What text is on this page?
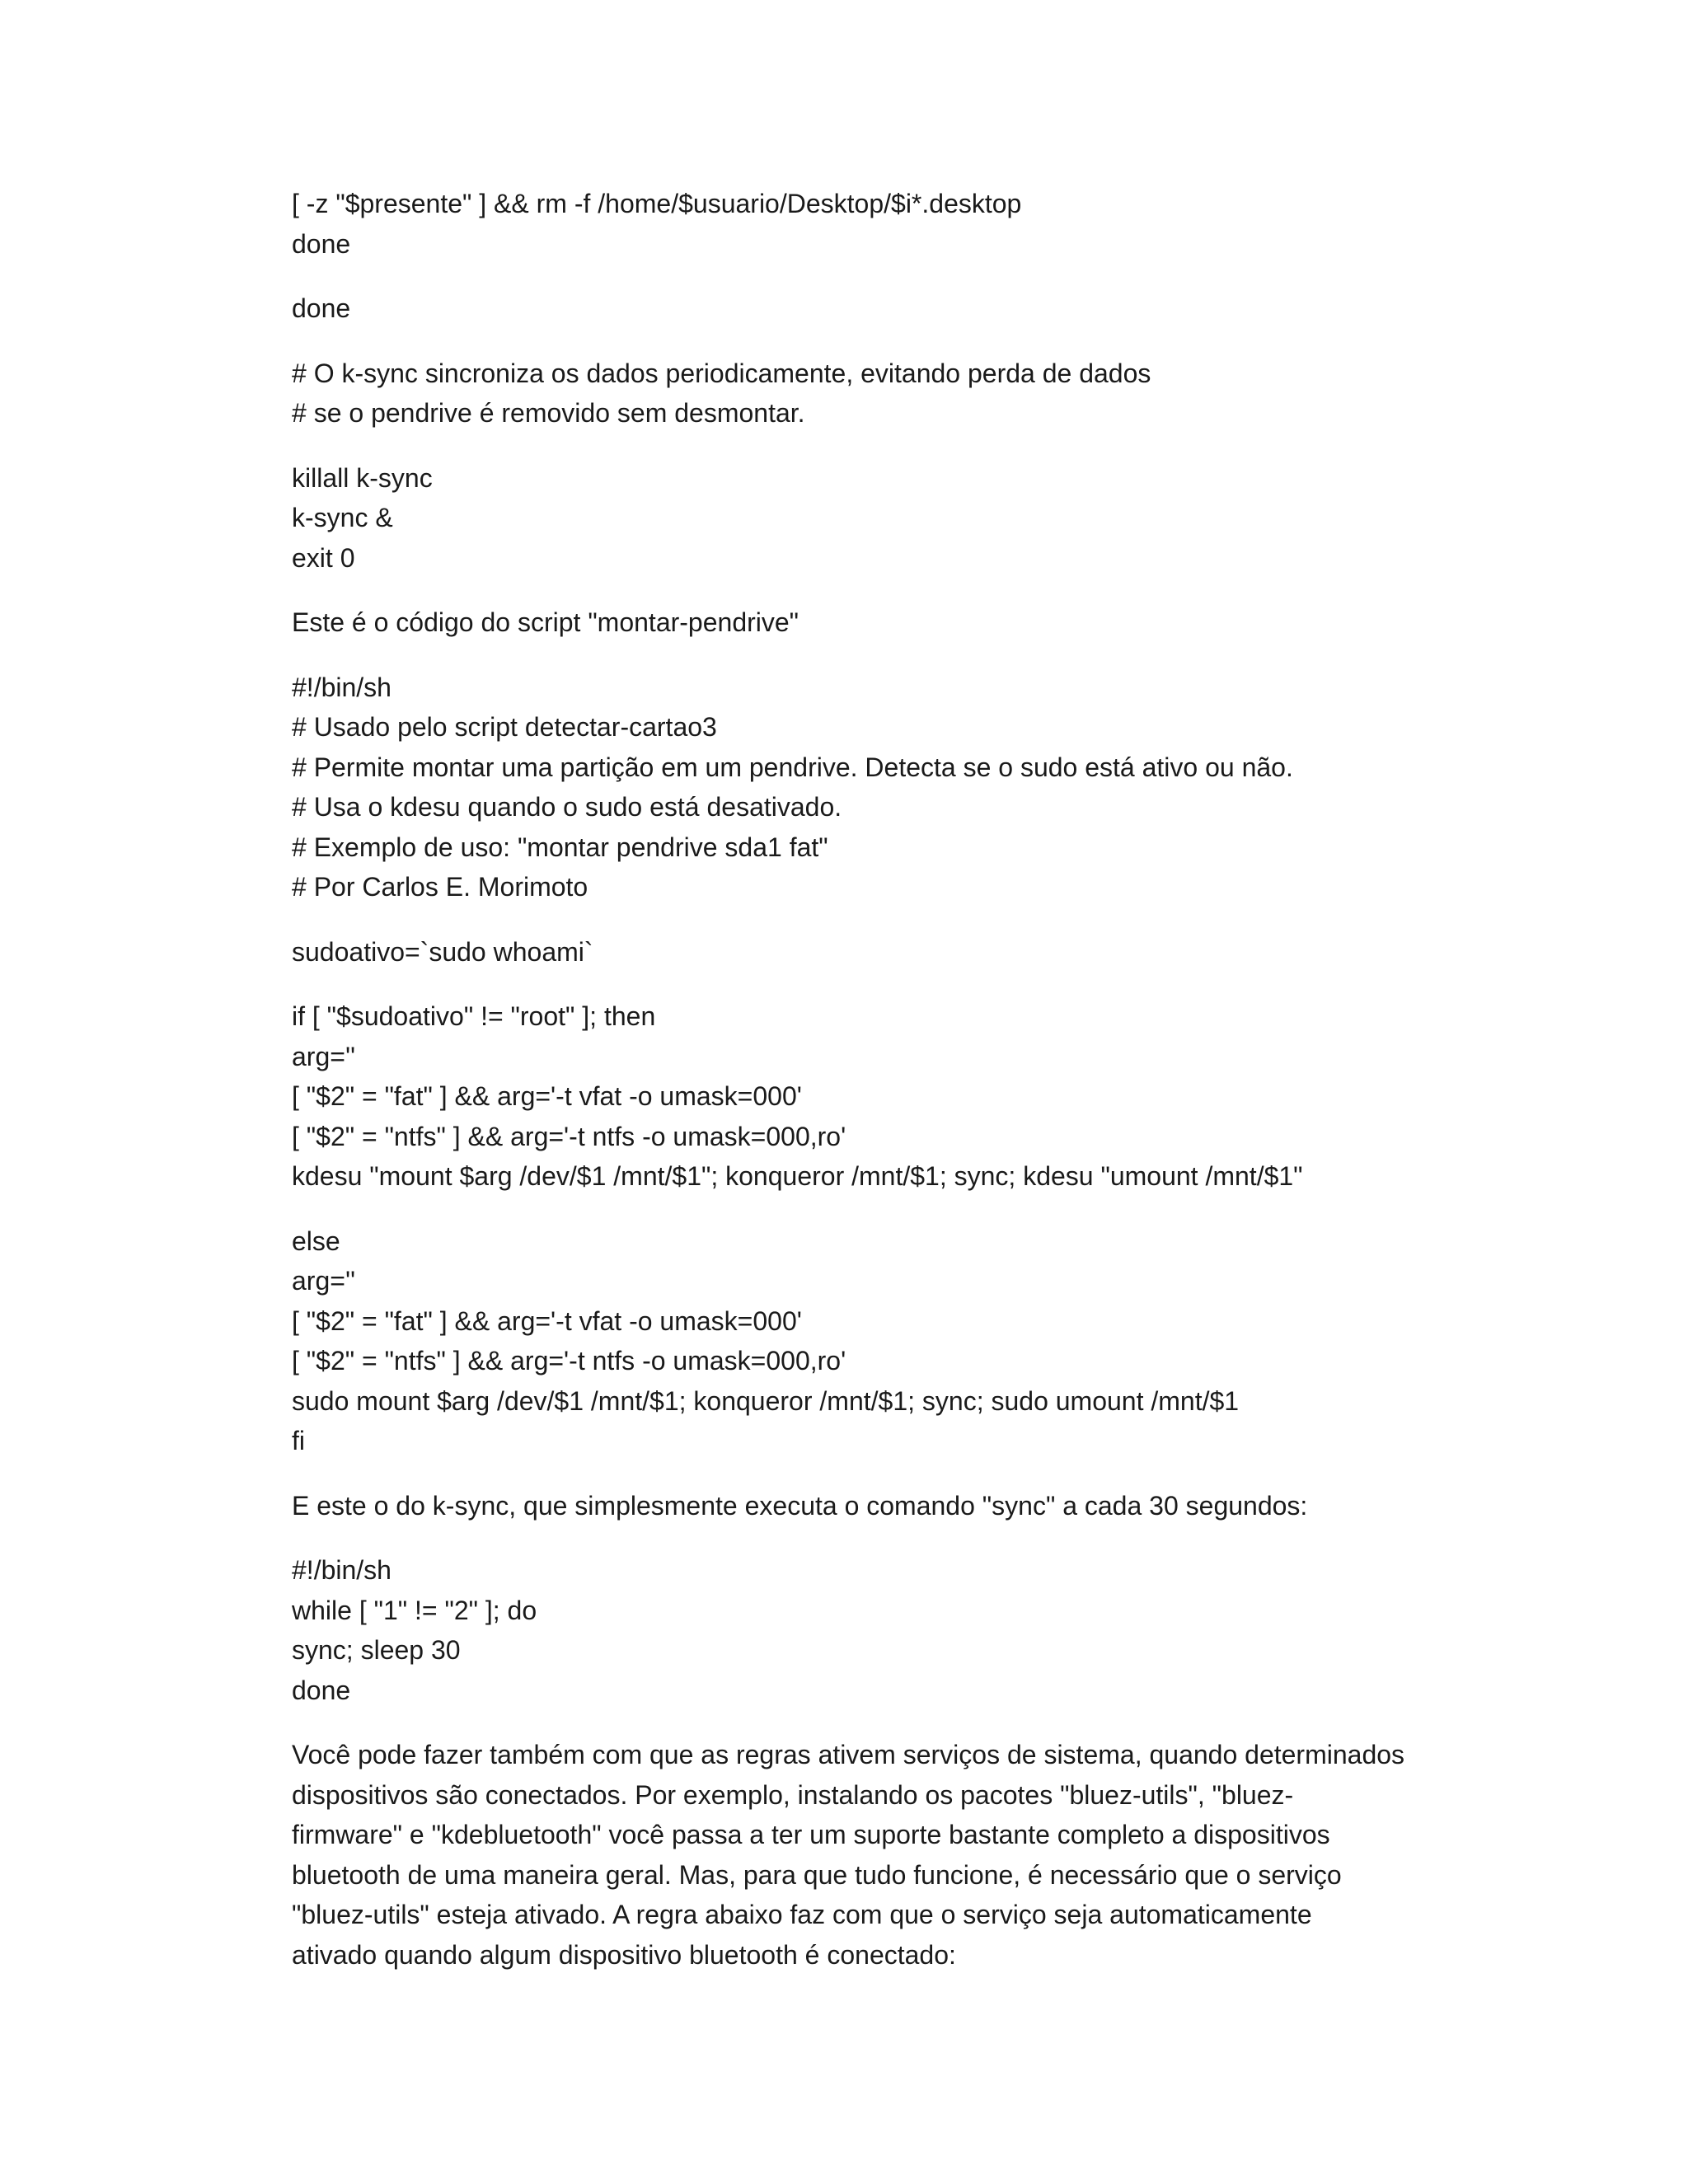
[ -z "$presente" ] && rm -f /home/$usuario/Desktop/$i*.desktop
done
done
# O k-sync sincroniza os dados periodicamente, evitando perda de dados
# se o pendrive é removido sem desmontar.
killall k-sync
k-sync &
exit 0
Este é o código do script "montar-pendrive"
#!/bin/sh
# Usado pelo script detectar-cartao3
# Permite montar uma partição em um pendrive. Detecta se o sudo está ativo ou não.
# Usa o kdesu quando o sudo está desativado.
# Exemplo de uso: "montar pendrive sda1 fat"
# Por Carlos E. Morimoto
sudoativo=`sudo whoami`
if [ "$sudoativo" != "root" ]; then
arg=''
[ "$2" = "fat" ] && arg='-t vfat -o umask=000'
[ "$2" = "ntfs" ] && arg='-t ntfs -o umask=000,ro'
kdesu "mount $arg /dev/$1 /mnt/$1"; konqueror /mnt/$1; sync; kdesu "umount /mnt/$1"
else
arg=''
[ "$2" = "fat" ] && arg='-t vfat -o umask=000'
[ "$2" = "ntfs" ] && arg='-t ntfs -o umask=000,ro'
sudo mount $arg /dev/$1 /mnt/$1; konqueror /mnt/$1; sync; sudo umount /mnt/$1
fi
E este o do k-sync, que simplesmente executa o comando "sync" a cada 30 segundos:
#!/bin/sh
while [ "1" != "2" ]; do
sync; sleep 30
done
Você pode fazer também com que as regras ativem serviços de sistema, quando determinados
dispositivos são conectados. Por exemplo, instalando os pacotes "bluez-utils", "bluez-
firmware" e "kdebluetooth" você passa a ter um suporte bastante completo a dispositivos
bluetooth de uma maneira geral. Mas, para que tudo funcione, é necessário que o serviço
"bluez-utils" esteja ativado. A regra abaixo faz com que o serviço seja automaticamente
ativado quando algum dispositivo bluetooth é conectado:
